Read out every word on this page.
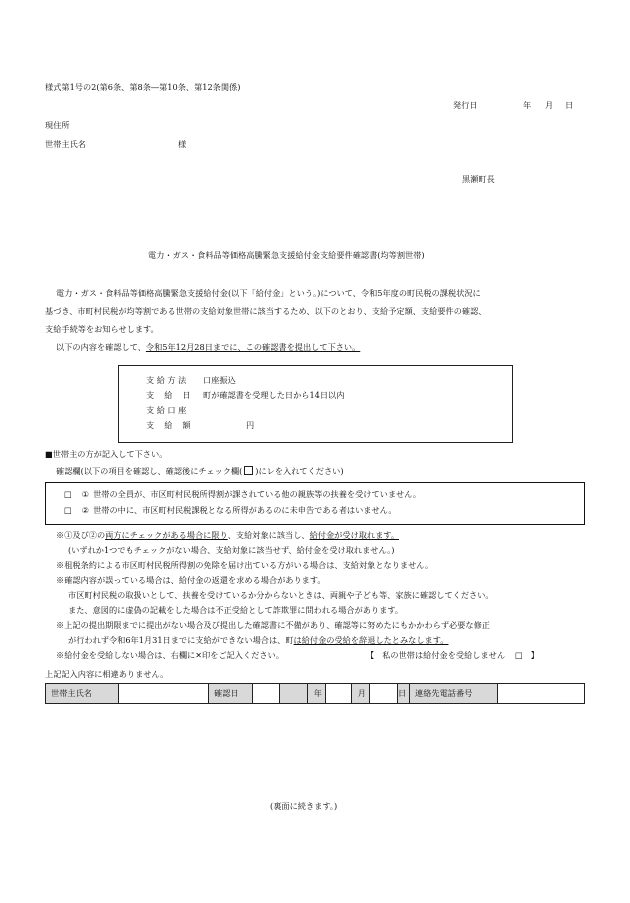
様式第1号の2(第6条、第8条―第10条、第12条関係)
発行日	年 月 日
現住所
世帯主氏名	様
黒瀬町長
電力・ガス・食料品等価格高騰緊急支援給付金支給要件確認書(均等割世帯)
電力・ガス・食料品等価格高騰緊急支援給付金(以下「給付金」という。)について、令和5年度の町民税の課税状況に
基づき、市町村民税が均等割である世帯の支給対象世帯に該当するため、以下のとおり、支給予定額、支給要件の確認、
支給手続等をお知らせします。
以下の内容を確認して、令和5年12月28日までに、この確認書を提出して下さい。
支給方法 口座振込
支給日 町が確認書を受理した日から14日以内
支給口座
支給額	円
■世帯主の方が記入して下さい。
確認欄(以下の項目を確認し、確認後にチェック欄( )にレを入れてください)
□ ① 世帯の全員が、市区町村民税所得割が課されている他の親族等の扶養を受けていません。
□ ② 世帯の中に、市区町村民税課税となる所得があるのに未申告である者はいません。
※①及び②の両方にチェックがある場合に限り、支給対象に該当し、給付金が受け取れます。
(いずれか1つでもチェックがない場合、支給対象に該当せず、給付金を受け取れません。)
※租税条約による市区町村民税所得割の免除を届け出ている方がいる場合は、支給対象となりません。
※確認内容が誤っている場合は、給付金の返還を求める場合があります。
市区町村民税の取扱いとして、扶養を受けているか分からないときは、両親や子ども等、家族に確認してください。
また、意図的に虚偽の記載をした場合は不正受給として詐欺罪に問われる場合があります。
※上記の提出期限までに提出がない場合及び提出した確認書に不備があり、確認等に努めたにもかかわらず必要な修正
が行われず令和6年1月31日までに支給ができない場合は、町は給付金の受給を辞退したとみなします。
※給付金を受給しない場合は、右欄に✕印をご記入ください。	【 私の世帯は給付金を受給しません □ 】
上記記入内容に相違ありません。
世帯主氏名		確認日			年		月		日	連絡先電話番号	
(裏面に続きます。)
